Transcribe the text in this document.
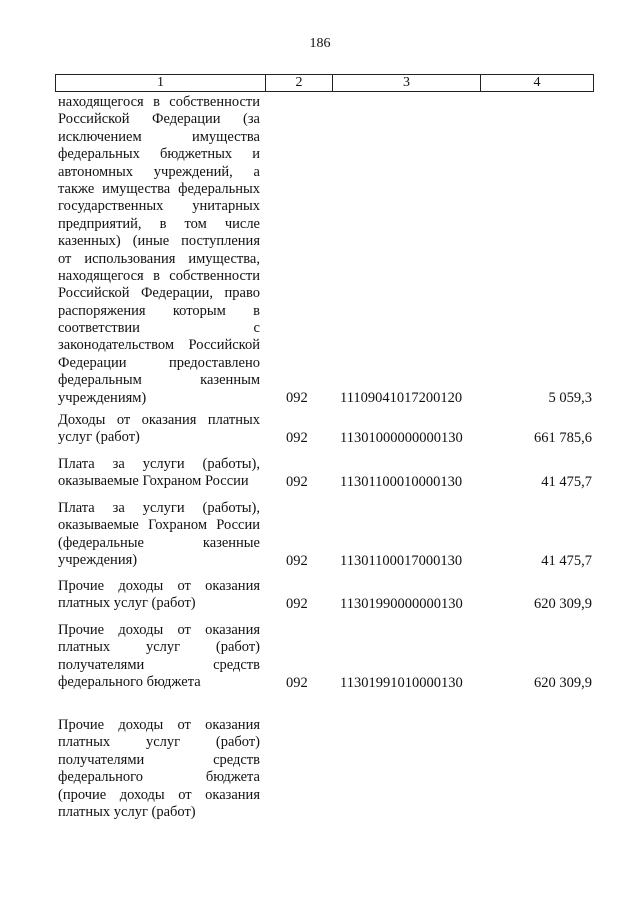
186
1	2	3	4
находящегося в собственности
Российской Федерации (за
исключением имущества
федеральных бюджетных и
автономных учреждений, а
также имущества федеральных
государственных унитарных
предприятий, в том числе
казенных) (иные поступления
от использования имущества,
находящегося в собственности
Российской Федерации, право
распоряжения которым в
соответствии с
законодательством Российской
Федерации предоставлено
федеральным казенным
учреждениям)	092 11109041017200120	5 059,3
Доходы от оказания платных
услуг (работ)	092 11301000000000130	661 785,6
Плата за услуги (работы),
оказываемые Гохраном России	092 11301100010000130	41 475,7
Плата за услуги (работы),
оказываемые Гохраном России
(федеральные казенные
учреждения)	092 11301100017000130	41 475,7
Прочие доходы от оказания
платных услуг (работ)	092 11301990000000130	620 309,9
Прочие доходы от оказания
платных услуг (работ)
получателями средств
федерального бюджета	092 11301991010000130	620 309,9
Прочие доходы от оказания
платных услуг (работ)
получателями средств
федерального бюджета
(прочие доходы от оказания
платных услуг (работ)
